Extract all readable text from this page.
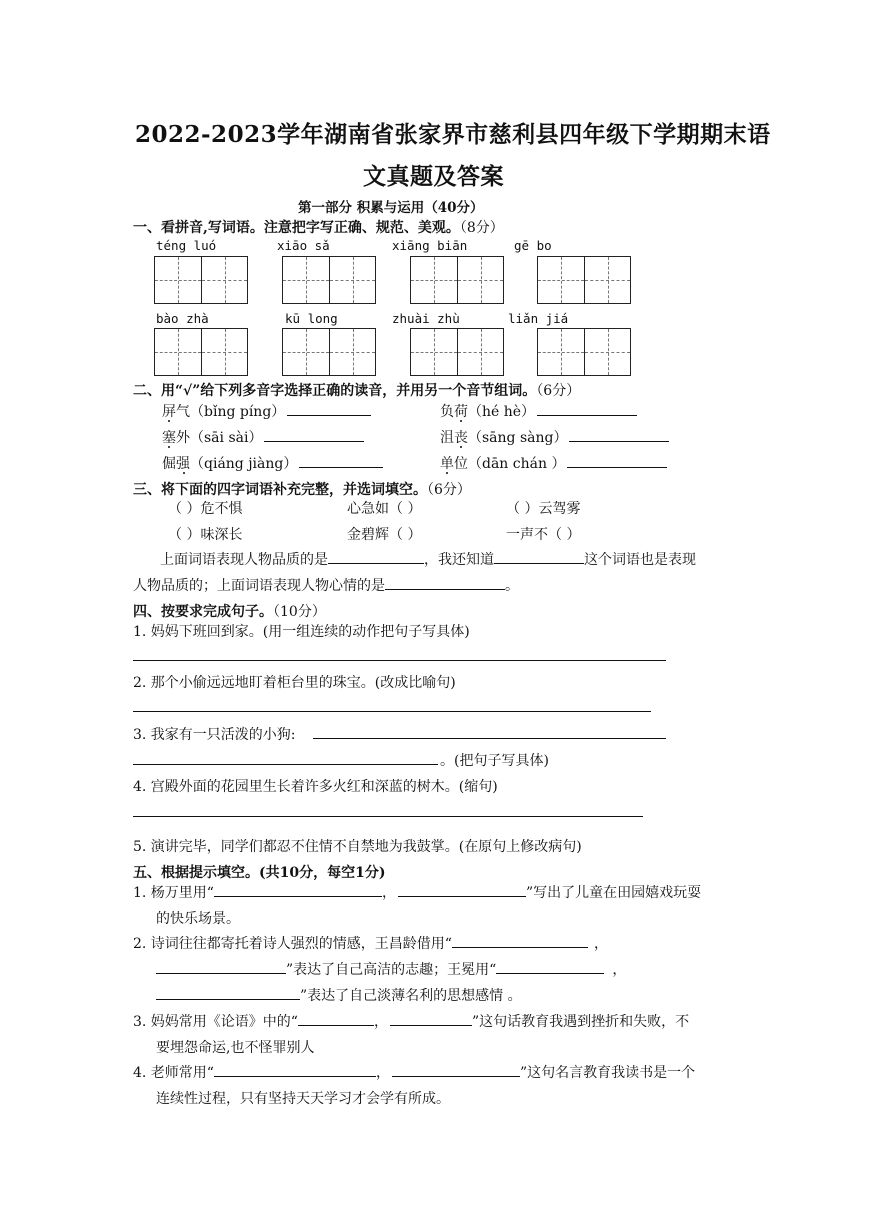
2022-2023学年湖南省张家界市慈利县四年级下学期期末语
文真题及答案
第一部分 积累与运用（40分）
一、看拼音,写词语。注意把字写正确、规范、美观。（8分）
téng luó	xiāo sǎ	xiāng biān	gē bo
bào zhà	kū long	zhuài zhù	liǎn jiá
二、用“√”给下列多音字选择正确的读音，并用另一个音节组词。（6分）
屏气（bǐng píng）	负荷（hé hè）
塞外（sāi sài）	沮丧（sāng sàng）
倔强（qiáng jiàng）	单位（dān chán ）
三、将下面的四字词语补充完整，并选词填空。（6分）
（ ）危不惧	心急如（ ）	（ ）云驾雾
（ ）味深长	金碧辉（ ）	一声不（ ）
上面词语表现人物品质的是	，我还知道	这个词语也是表现
人物品质的；上面词语表现人物心情的是	。
四、按要求完成句子。（10分）
1. 妈妈下班回到家。(用一组连续的动作把句子写具体)
2. 那个小偷远远地盯着柜台里的珠宝。(改成比喻句)
3. 我家有一只活泼的小狗:
。(把句子写具体)
4. 宫殿外面的花园里生长着许多火红和深蓝的树木。(缩句)
5. 演讲完毕，同学们都忍不住情不自禁地为我鼓掌。(在原句上修改病句)
五、根据提示填空。(共10分，每空1分)
1. 杨万里用“	，	”写出了儿童在田园嬉戏玩耍
的快乐场景。
2. 诗词往往都寄托着诗人强烈的情感，王昌龄借用“	，
”表达了自己高洁的志趣；王冕用“	，
”表达了自己淡薄名利的思想感情 。
3. 妈妈常用《论语》中的“	，	”这句话教育我遇到挫折和失败，不
要埋怨命运,也不怪罪别人
4. 老师常用“	，	”这句名言教育我读书是一个
连续性过程，只有坚持天天学习才会学有所成。
